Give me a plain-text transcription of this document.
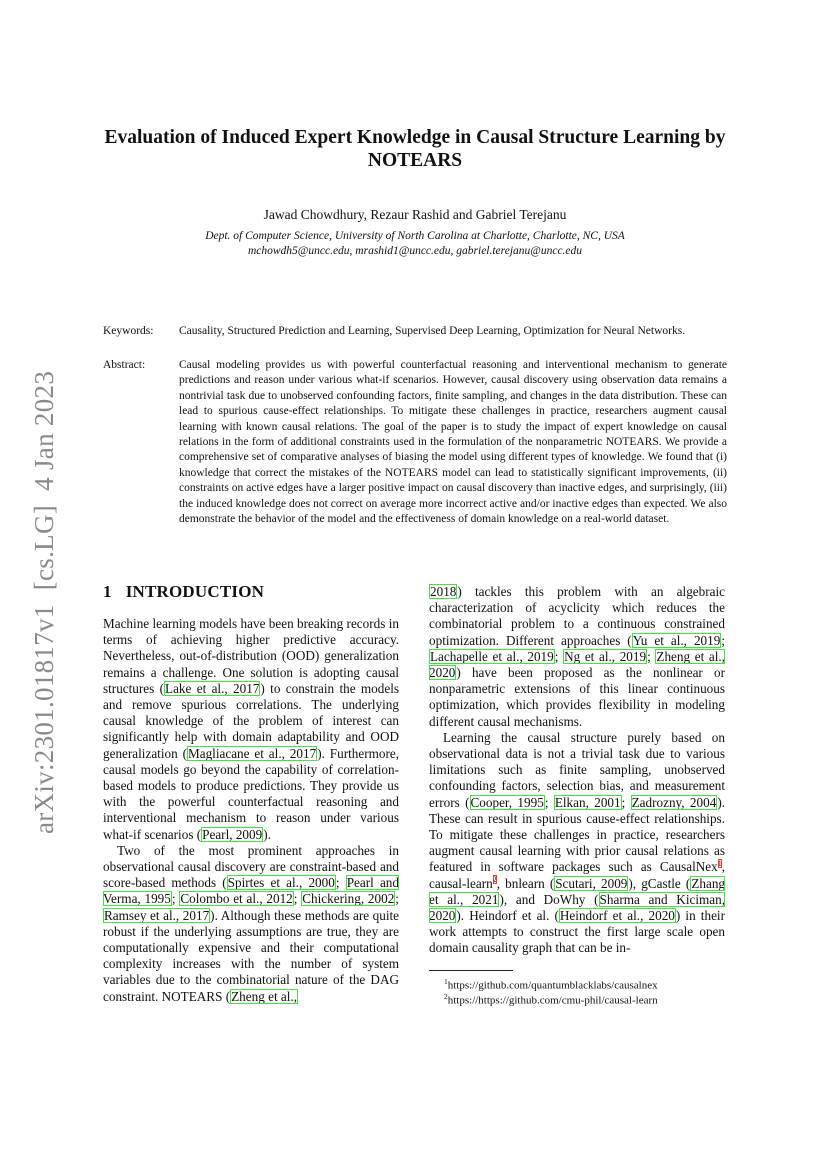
arXiv:2301.01817v1  [cs.LG]  4 Jan 2023
Evaluation of Induced Expert Knowledge in Causal Structure Learning by NOTEARS
Jawad Chowdhury, Rezaur Rashid and Gabriel Terejanu
Dept. of Computer Science, University of North Carolina at Charlotte, Charlotte, NC, USA
mchowdh5@uncc.edu, mrashid1@uncc.edu, gabriel.terejanu@uncc.edu
Keywords: Causality, Structured Prediction and Learning, Supervised Deep Learning, Optimization for Neural Networks.
Abstract:	Causal modeling provides us with powerful counterfactual reasoning and interventional mechanism to generate predictions and reason under various what-if scenarios. However, causal discovery using observation data remains a nontrivial task due to unobserved confounding factors, finite sampling, and changes in the data distribution. These can lead to spurious cause-effect relationships. To mitigate these challenges in practice, researchers augment causal learning with known causal relations. The goal of the paper is to study the impact of expert knowledge on causal relations in the form of additional constraints used in the formulation of the nonparametric NOTEARS. We provide a comprehensive set of comparative analyses of biasing the model using different types of knowledge. We found that (i) knowledge that correct the mistakes of the NOTEARS model can lead to statistically significant improvements, (ii) constraints on active edges have a larger positive impact on causal discovery than inactive edges, and surprisingly, (iii) the induced knowledge does not correct on average more incorrect active and/or inactive edges than expected. We also demonstrate the behavior of the model and the effectiveness of domain knowledge on a real-world dataset.
1 INTRODUCTION

Machine learning models have been breaking records in terms of achieving higher predictive accuracy. Nevertheless, out-of-distribution (OOD) generalization remains a challenge. One solution is adopting causal structures (Lake et al., 2017) to constrain the models and remove spurious correlations. The underlying causal knowledge of the problem of interest can significantly help with domain adaptability and OOD generalization (Magliacane et al., 2017). Furthermore, causal models go beyond the capability of correlation-based models to produce predictions. They provide us with the powerful counterfactual reasoning and interventional mechanism to reason under various what-if scenarios (Pearl, 2009).

Two of the most prominent approaches in observational causal discovery are constraint-based and score-based methods (Spirtes et al., 2000; Pearl and Verma, 1995; Colombo et al., 2012; Chickering, 2002; Ramsey et al., 2017). Although these methods are quite robust if the underlying assumptions are true, they are computationally expensive and their computational complexity increases with the number of system variables due to the combinatorial nature of the DAG constraint. NOTEARS (Zheng et al.,

2018) tackles this problem with an algebraic characterization of acyclicity which reduces the combinatorial problem to a continuous constrained optimization. Different approaches (Yu et al., 2019; Lachapelle et al., 2019; Ng et al., 2019; Zheng et al., 2020) have been proposed as the nonlinear or nonparametric extensions of this linear continuous optimization, which provides flexibility in modeling different causal mechanisms.

Learning the causal structure purely based on observational data is not a trivial task due to various limitations such as finite sampling, unobserved confounding factors, selection bias, and measurement errors (Cooper, 1995; Elkan, 2001; Zadrozny, 2004). These can result in spurious cause-effect relationships. To mitigate these challenges in practice, researchers augment causal learning with prior causal relations as featured in software packages such as CausalNex$^1$, causal-learn$^2$, bnlearn (Scutari, 2009), gCastle (Zhang et al., 2021), and DoWhy (Sharma and Kiciman, 2020). Heindorf et al. (Heindorf et al., 2020) in their work attempts to construct the first large scale open domain causality graph that can be in-

$^1$https://github.com/quantumblacklabs/causalnex
$^2$https://https://github.com/cmu-phil/causal-learn
